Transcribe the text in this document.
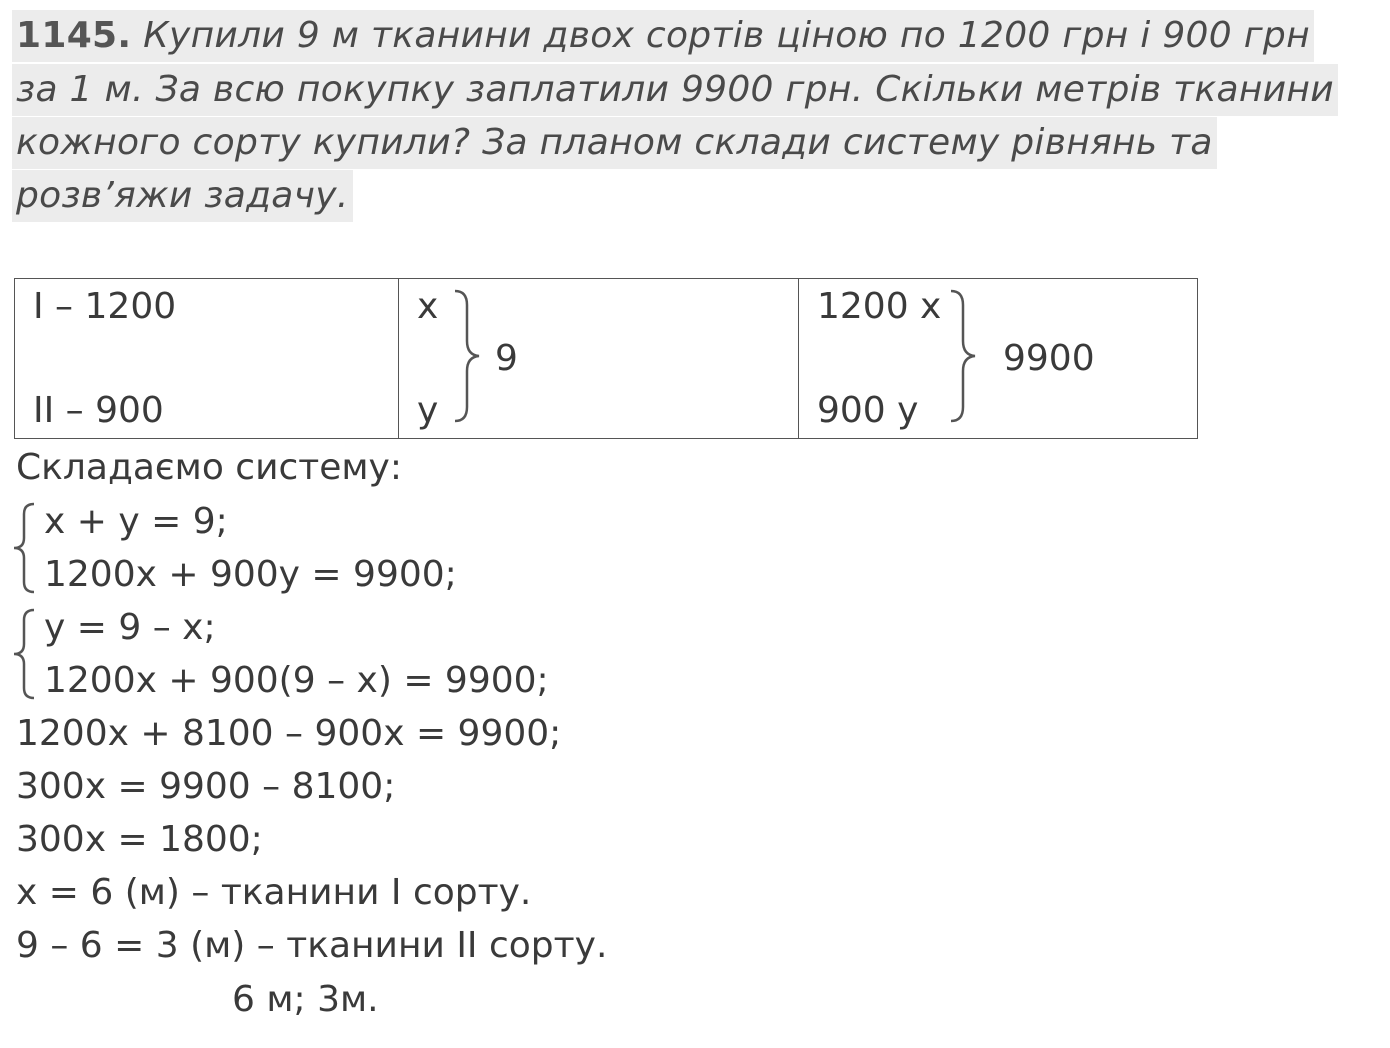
1145. Купили 9 м тканини двох сортів ціною по 1200 грн і 900 грн
за 1 м. За всю покупку заплатили 9900 грн. Скільки метрів тканини
кожного сорту купили? За планом склади систему рівнянь та
розв’яжи задачу.
I – 1200
II – 900
x
y
9
1200 x
900 y
9900
Складаємо систему:
x + y = 9;
1200x + 900y = 9900;
y = 9 – x;
1200x + 900(9 – x) = 9900;
1200x + 8100 – 900x = 9900;
300x = 9900 – 8100;
300x = 1800;
x = 6 (м) – тканини I сорту.
9 – 6 = 3 (м) – тканини II сорту.
6 м; 3м.
